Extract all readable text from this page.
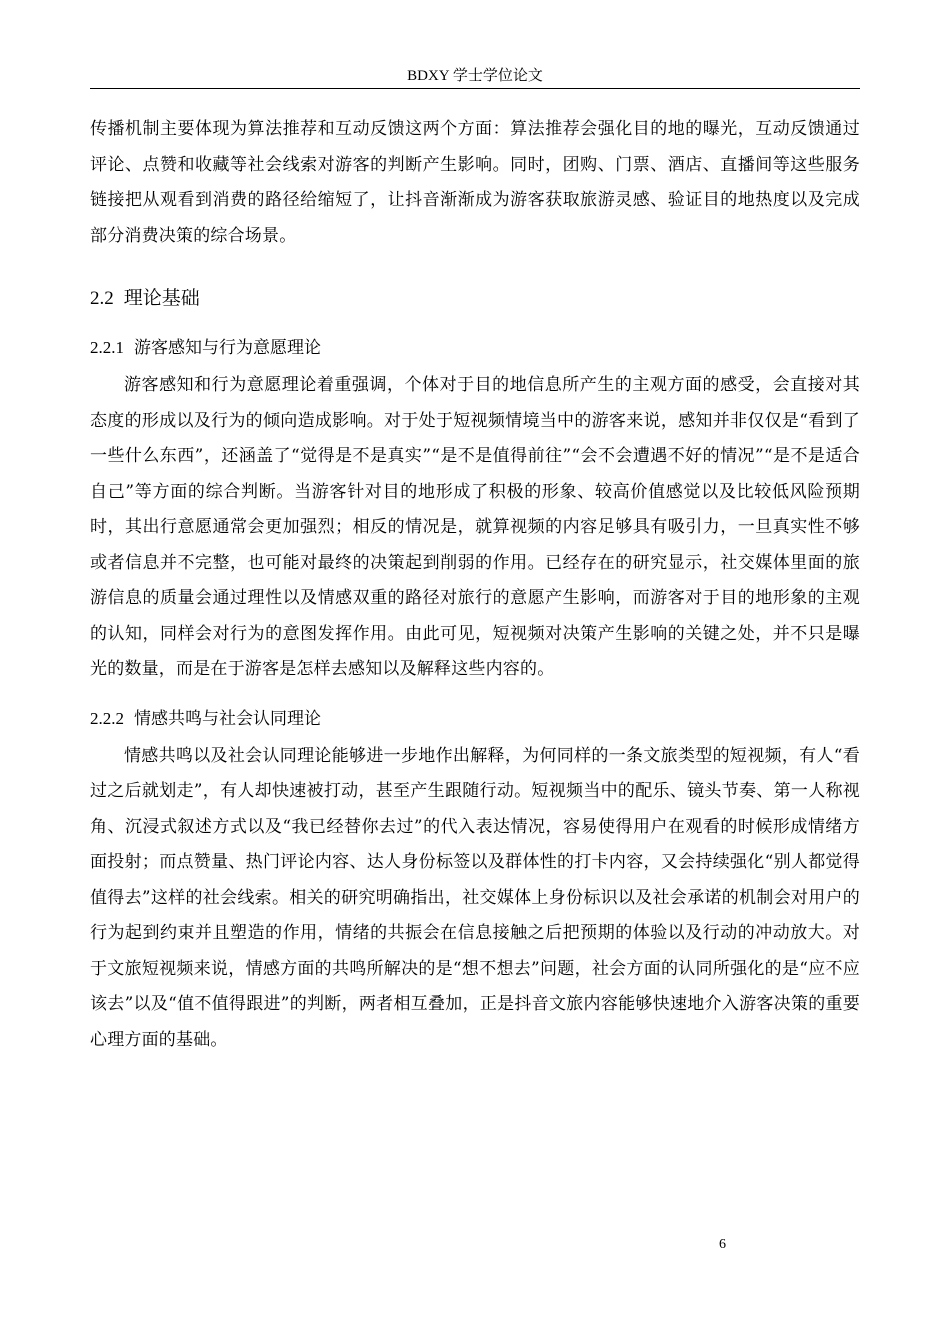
BDXY 学士学位论文

传播机制主要体现为算法推荐和互动反馈这两个方面：算法推荐会强化目的地的曝光，互动反馈通过评论、点赞和收藏等社会线索对游客的判断产生影响。同时，团购、门票、酒店、直播间等这些服务链接把从观看到消费的路径给缩短了，让抖音渐渐成为游客获取旅游灵感、验证目的地热度以及完成部分消费决策的综合场景。

2.2 理论基础
2.2.1 游客感知与行为意愿理论

游客感知和行为意愿理论着重强调，个体对于目的地信息所产生的主观方面的感受，会直接对其态度的形成以及行为的倾向造成影响。对于处于短视频情境当中的游客来说，感知并非仅仅是“看到了一些什么东西”，还涵盖了“觉得是不是真实”“是不是值得前往”“会不会遭遇不好的情况”“是不是适合自己”等方面的综合判断。当游客针对目的地形成了积极的形象、较高价值感觉以及比较低风险预期时，其出行意愿通常会更加强烈；相反的情况是，就算视频的内容足够具有吸引力，一旦真实性不够或者信息并不完整，也可能对最终的决策起到削弱的作用。已经存在的研究显示，社交媒体里面的旅游信息的质量会通过理性以及情感双重的路径对旅行的意愿产生影响，而游客对于目的地形象的主观的认知，同样会对行为的意图发挥作用。由此可见，短视频对决策产生影响的关键之处，并不只是曝光的数量，而是在于游客是怎样去感知以及解释这些内容的。

2.2.2 情感共鸣与社会认同理论

情感共鸣以及社会认同理论能够进一步地作出解释，为何同样的一条文旅类型的短视频，有人“看过之后就划走”，有人却快速被打动，甚至产生跟随行动。短视频当中的配乐、镜头节奏、第一人称视角、沉浸式叙述方式以及“我已经替你去过”的代入表达情况，容易使得用户在观看的时候形成情绪方面投射；而点赞量、热门评论内容、达人身份标签以及群体性的打卡内容，又会持续强化“别人都觉得值得去”这样的社会线索。相关的研究明确指出，社交媒体上身份标识以及社会承诺的机制会对用户的行为起到约束并且塑造的作用，情绪的共振会在信息接触之后把预期的体验以及行动的冲动放大。对于文旅短视频来说，情感方面的共鸣所解决的是“想不想去”问题，社会方面的认同所强化的是“应不应该去”以及“值不值得跟进”的判断，两者相互叠加，正是抖音文旅内容能够快速地介入游客决策的重要心理方面的基础。

6
